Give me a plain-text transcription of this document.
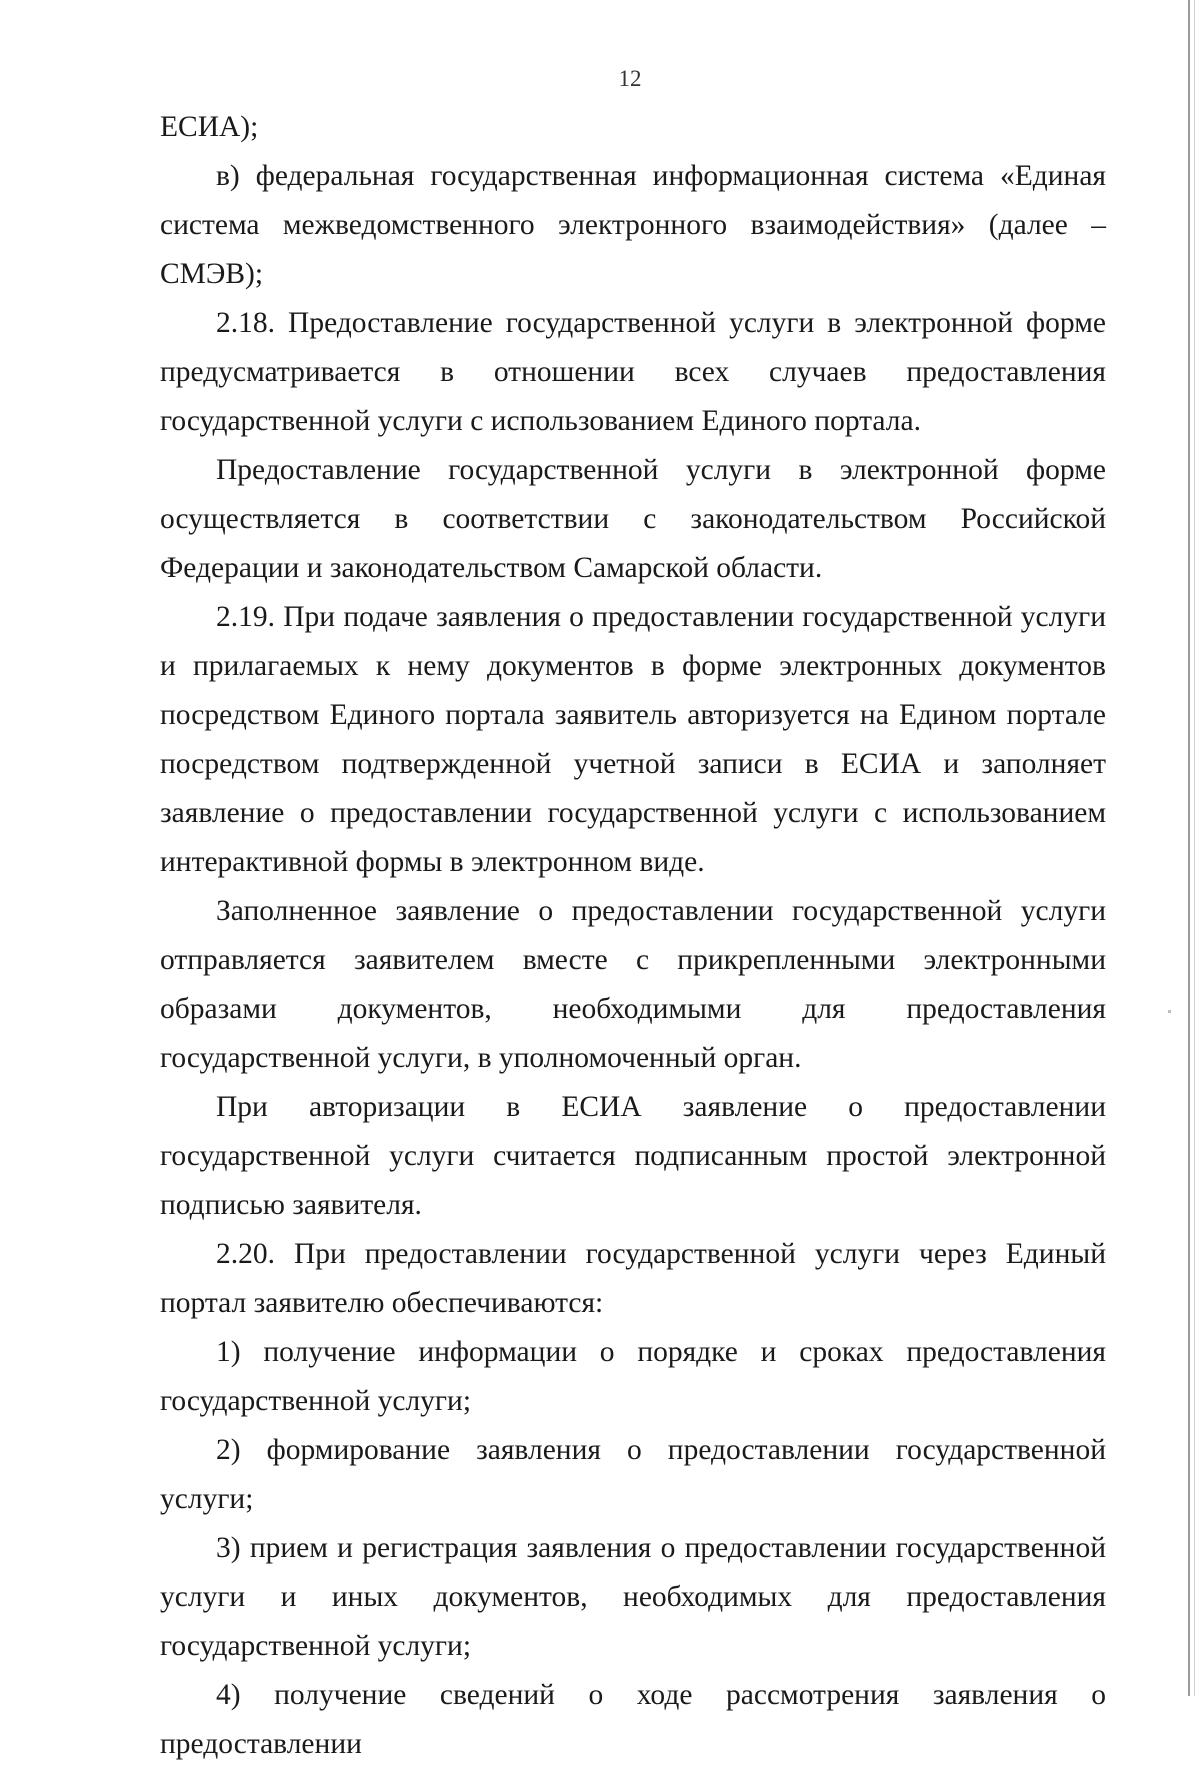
12

ЕСИА);

в) федеральная государственная информационная система «Единая система межведомственного электронного взаимодействия» (далее – СМЭВ);

2.18. Предоставление государственной услуги в электронной форме предусматривается в отношении всех случаев предоставления государственной услуги с использованием Единого портала.

Предоставление государственной услуги в электронной форме осуществляется в соответствии с законодательством Российской Федерации и законодательством Самарской области.

2.19. При подаче заявления о предоставлении государственной услуги и прилагаемых к нему документов в форме электронных документов посредством Единого портала заявитель авторизуется на Едином портале посредством подтвержденной учетной записи в ЕСИА и заполняет заявление о предоставлении государственной услуги с использованием интерактивной формы в электронном виде.

Заполненное заявление о предоставлении государственной услуги отправляется заявителем вместе с прикрепленными электронными образами документов, необходимыми для предоставления государственной услуги, в уполномоченный орган.

При авторизации в ЕСИА заявление о предоставлении государственной услуги считается подписанным простой электронной подписью заявителя.

2.20. При предоставлении государственной услуги через Единый портал заявителю обеспечиваются:

1) получение информации о порядке и сроках предоставления государственной услуги;

2) формирование заявления о предоставлении государственной услуги;

3) прием и регистрация заявления о предоставлении государственной услуги и иных документов, необходимых для предоставления государственной услуги;

4) получение сведений о ходе рассмотрения заявления о предоставлении
